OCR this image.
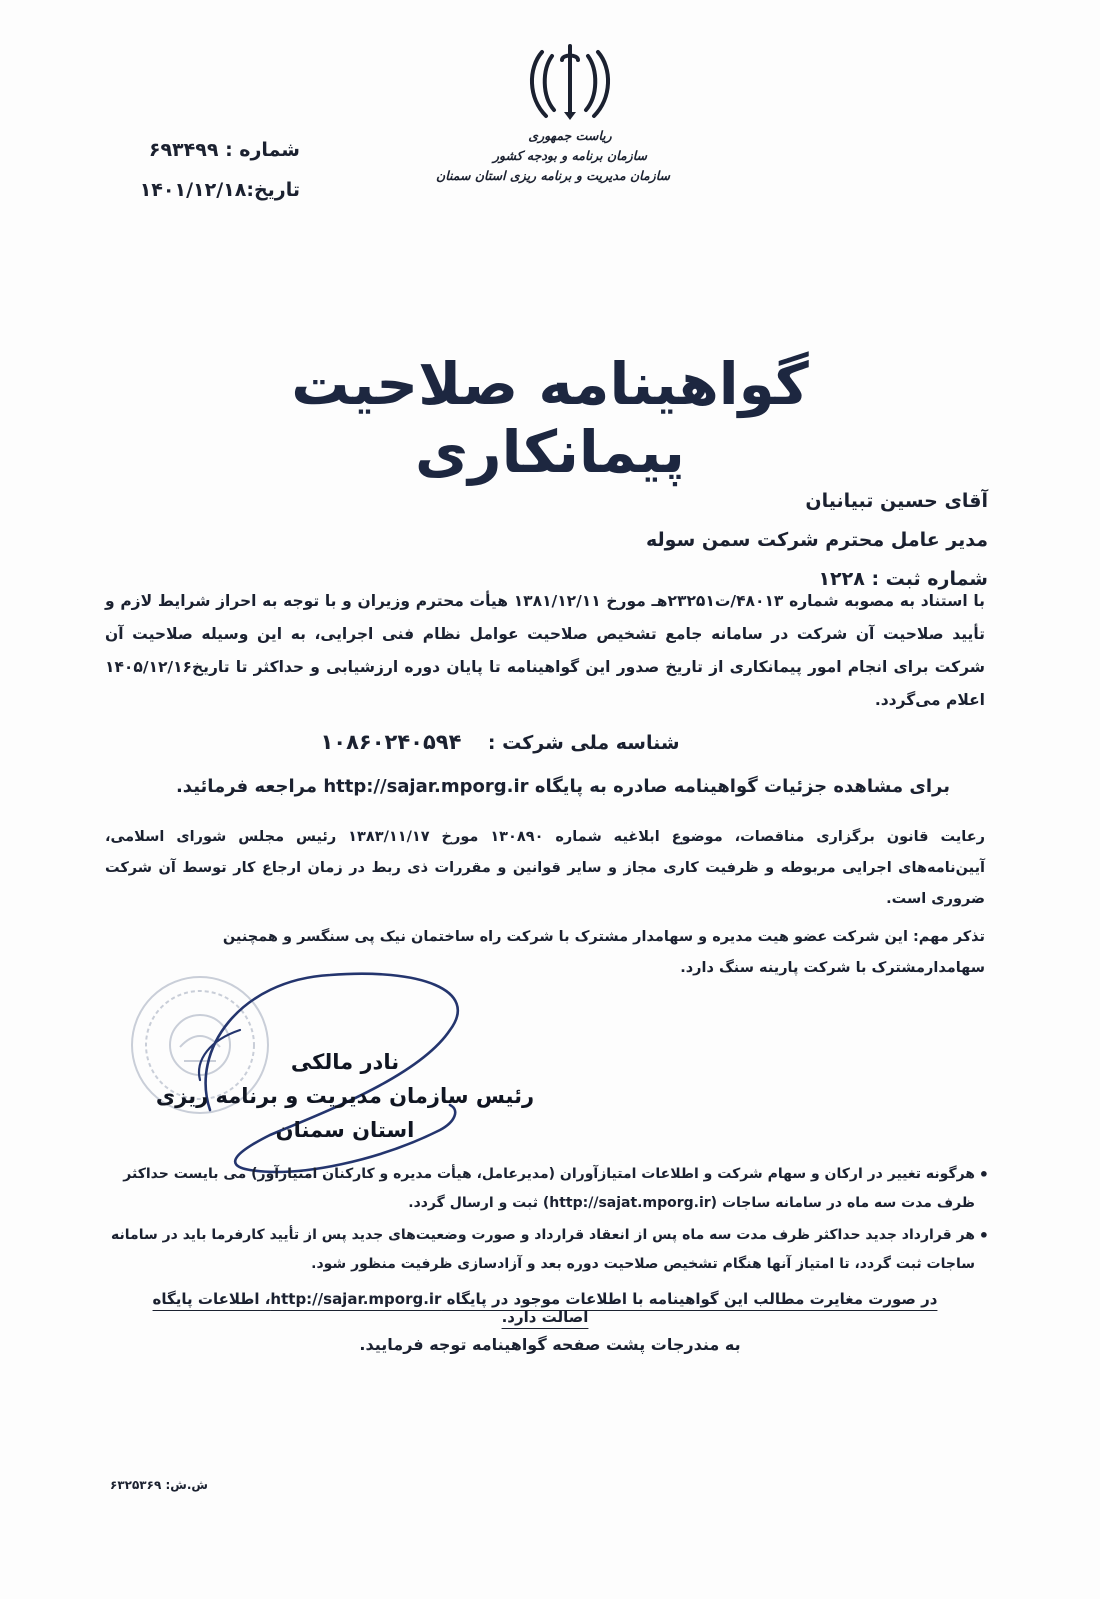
ریاست جمهوری
سازمان برنامه و بودجه کشور
سازمان مدیریت و برنامه ریزی استان سمنان
شماره : ۶۹۳۴۹۹
تاریخ:۱۴۰۱/۱۲/۱۸
گواهینامه صلاحیت پیمانکاری
آقای حسین تبیانیان
مدیر عامل محترم شرکت سمن سوله
شماره ثبت : ۱۲۲۸
با استناد به مصوبه شماره ۴۸۰۱۳/ت۲۳۲۵۱هـ مورخ ۱۳۸۱/۱۲/۱۱ هیأت محترم وزیران و با توجه به احراز شرایط لازم و تأیید صلاحیت آن شرکت در سامانه جامع تشخیص صلاحیت عوامل نظام فنی اجرایی، به این وسیله صلاحیت آن شرکت برای انجام امور پیمانکاری از تاریخ صدور این گواهینامه تا پایان دوره ارزشیابی و حداکثر تا تاریخ۱۴۰۵/۱۲/۱۶ اعلام می‌گردد.
شناسه ملی شرکت :    ۱۰۸۶۰۲۴۰۵۹۴
برای مشاهده جزئیات گواهینامه صادره به پایگاه http://sajar.mporg.ir مراجعه فرمائید.
رعایت قانون برگزاری مناقصات، موضوع ابلاغیه شماره ۱۳۰۸۹۰ مورخ ۱۳۸۳/۱۱/۱۷ رئیس مجلس شورای اسلامی، آیین‌نامه‌های اجرایی مربوطه و ظرفیت کاری مجاز و سایر قوانین و مقررات ذی ربط در زمان ارجاع کار توسط آن شرکت ضروری است.
تذکر مهم: این شرکت عضو هیت مدیره و سهامدار مشترک با شرکت راه ساختمان نیک پی سنگسر و همچنین سهامدارمشترک با شرکت پارینه سنگ دارد.
نادر مالکی
رئیس سازمان مدیریت و برنامه ریزی
استان سمنان
• هرگونه تغییر در ارکان و سهام شرکت و اطلاعات امتیازآوران (مدیرعامل، هیأت مدیره و کارکنان امتیازآور) می بایست حداکثر ظرف مدت سه ماه در سامانه ساجات (http://sajat.mporg.ir) ثبت و ارسال گردد.
• هر قرارداد جدید حداکثر ظرف مدت سه ماه پس از انعقاد قرارداد و صورت وضعیت‌های جدید پس از تأیید کارفرما باید در سامانه ساجات ثبت گردد، تا امتیاز آنها هنگام تشخیص صلاحیت دوره بعد و آزادسازی ظرفیت منظور شود.
در صورت مغایرت مطالب این گواهینامه با اطلاعات موجود در پایگاه http://sajar.mporg.ir، اطلاعات پایگاه اصالت دارد.
به مندرجات پشت صفحه گواهینامه توجه فرمایید.
ش.ش: ۶۳۲۵۳۶۹
